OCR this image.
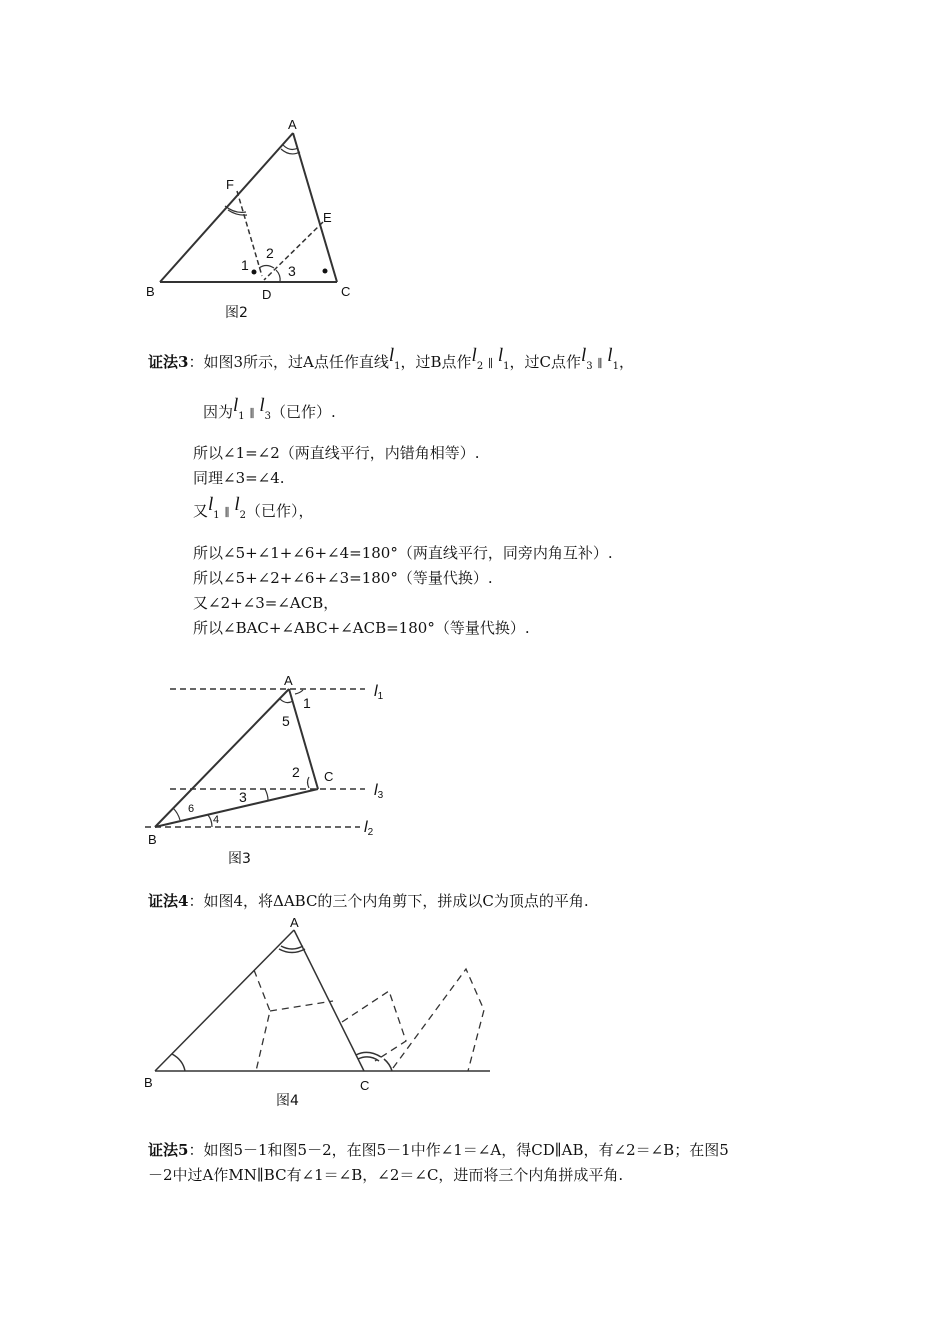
A
F
E
B	C
D
1
2
3
图2
证法3：如图3所示，过A点任作直线l1，过B点作l2 ∥ l1，过C点作l3 ∥ l1，
因为l1 ∥ l3（已作）.
所以∠1=∠2（两直线平行，内错角相等）.
同理∠3=∠4.
又l1 ∥ l2（已作），
所以∠5+∠1+∠6+∠4=180°（两直线平行，同旁内角互补）.
所以∠5+∠2+∠6+∠3=180°（等量代换）.
又∠2+∠3=∠ACB，
所以∠BAC+∠ABC+∠ACB=180°（等量代换）.
A
B
C
1
5
2
3
6
4
l1
l3
l2
图3
证法4：如图4，将ΔABC的三个内角剪下，拼成以C为顶点的平角.
A
B	C
图4
证法5：如图5－1和图5－2，在图5－1中作∠1＝∠A，得CD∥AB，有∠2＝∠B；在图5
－2中过A作MN∥BC有∠1＝∠B，∠2＝∠C，进而将三个内角拼成平角.
